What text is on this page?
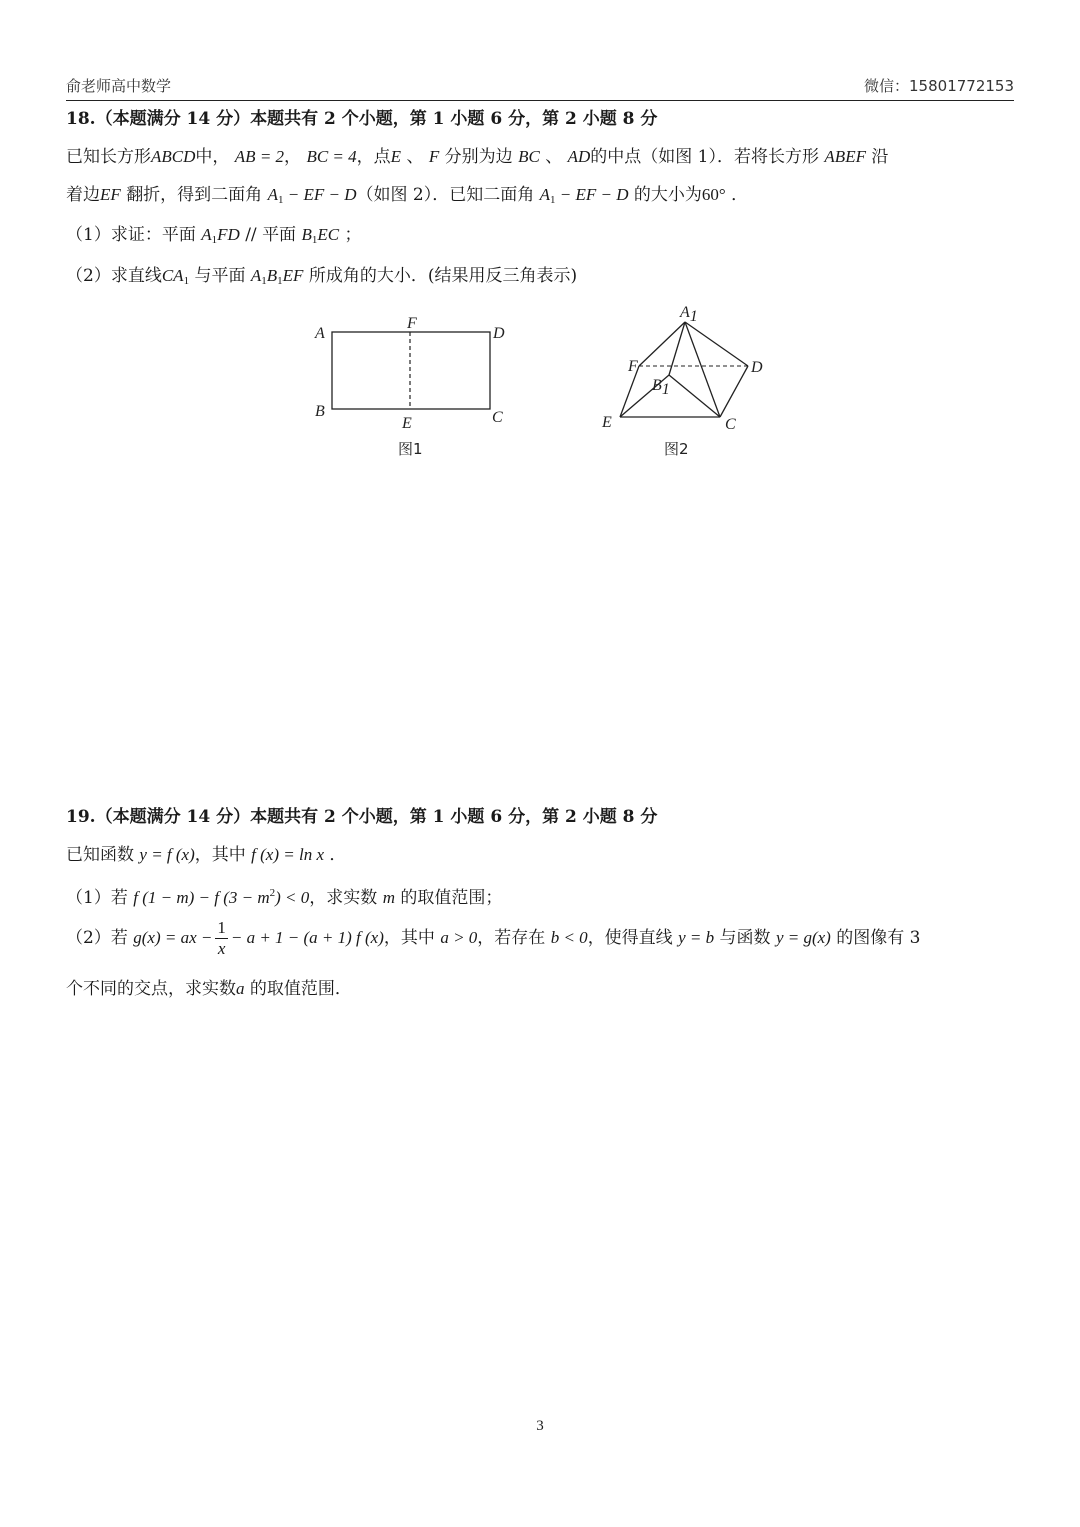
俞老师高中数学	微信：15801772153
18.（本题满分 14 分）本题共有 2 个小题，第 1 小题 6 分，第 2 小题 8 分
已知长方形ABCD中， AB = 2， BC = 4，点E 、 F 分别为边 BC 、 AD的中点（如图 1）．若将长方形 ABEF 沿
着边EF 翻折，得到二面角 $A_1$ − EF − D（如图 2）．已知二面角 $A_1$ − EF − D 的大小为60° ．
（1）求证：平面 $A_1FD$ // 平面 $B_1EC$ ；
（2）求直线$CA_1$ 与平面 $A_1B_1EF$ 所成角的大小．(结果用反三角表示)
A
B	C
D
E
F
图1
A1
B1
C
D
E
F
图2
19.（本题满分 14 分）本题共有 2 个小题，第 1 小题 6 分，第 2 小题 8 分
已知函数 y = f (x)，其中 f (x) = ln x ．
（1）若 f (1 − m) − f $(3 - m^2) < 0$，求实数 m 的取值范围；
（2）若 g(x) = ax − $\frac{1}{x} - a + 1 - (a + 1)$ f (x)，其中 a > 0，若存在 b < 0，使得直线 y = b 与函数 y = g(x) 的图像有 3
个不同的交点，求实数a 的取值范围．
3
